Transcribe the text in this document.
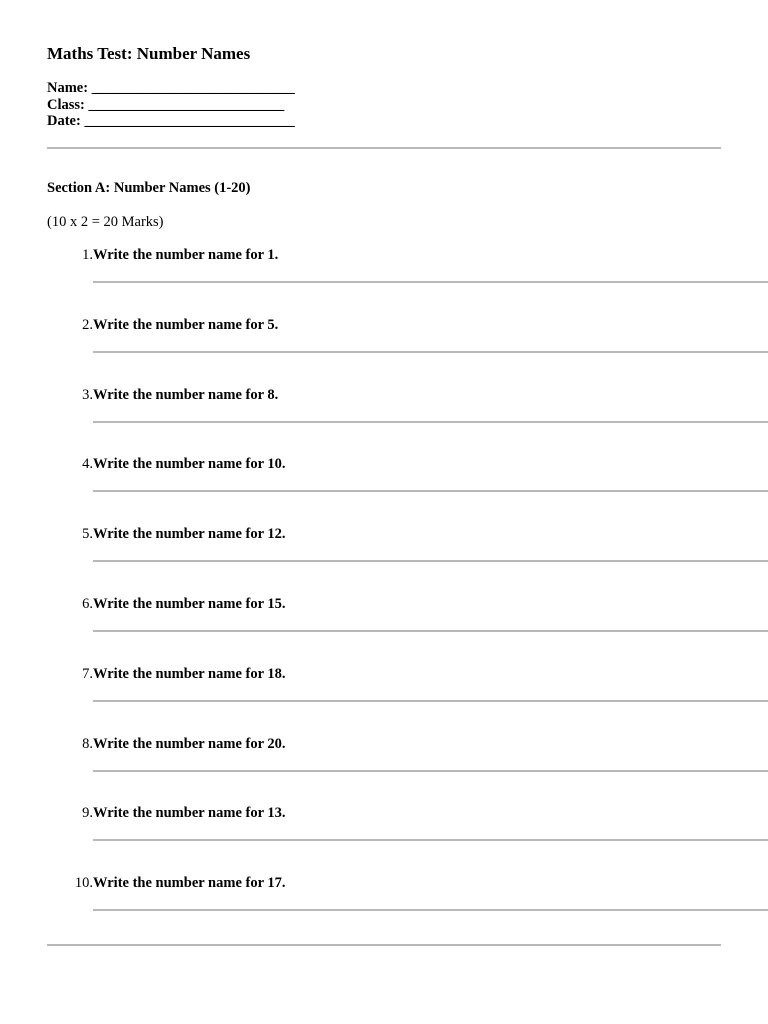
Maths Test: Number Names
Name: ____________________________
Class: ___________________________
Date: _____________________________
Section A: Number Names (1-20)
(10 x 2 = 20 Marks)
1. Write the number name for 1.
2. Write the number name for 5.
3. Write the number name for 8.
4. Write the number name for 10.
5. Write the number name for 12.
6. Write the number name for 15.
7. Write the number name for 18.
8. Write the number name for 20.
9. Write the number name for 13.
10. Write the number name for 17.
